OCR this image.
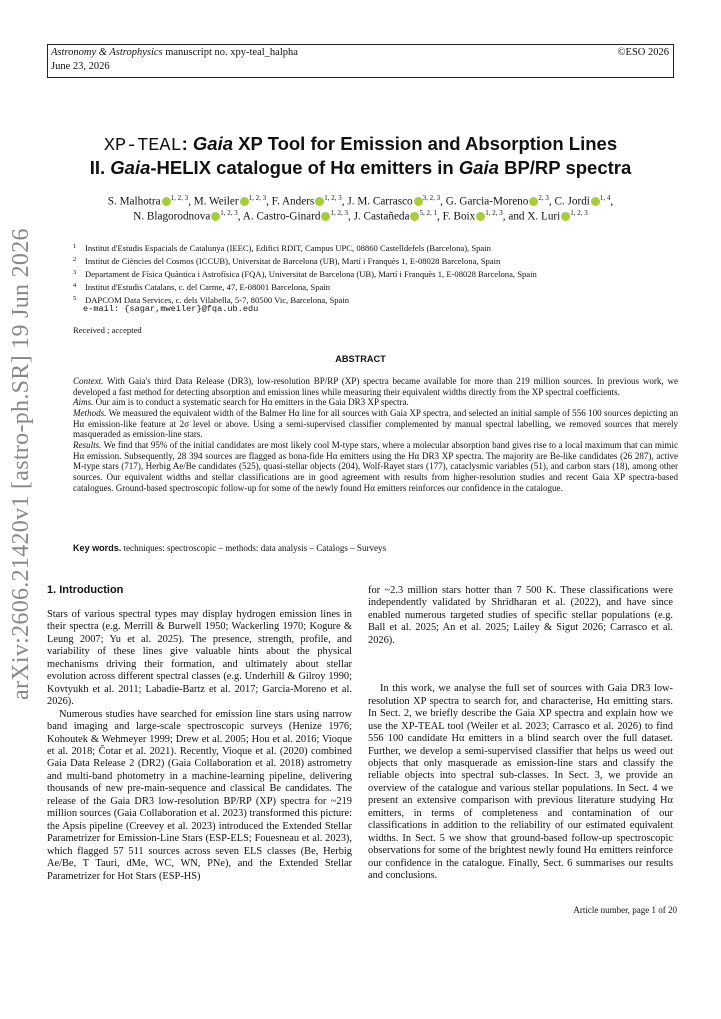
Astronomy & Astrophysics manuscript no. xpy-teal_halpha
June 23, 2026
©ESO 2026
arXiv:2606.21420v1 [astro-ph.SR] 19 Jun 2026
XP-TEAL: Gaia XP Tool for Emission and Absorption Lines
II. Gaia-HELIX catalogue of Hα emitters in Gaia BP/RP spectra
S. Malhotra $^{1, 2, 3}$, M. Weiler $^{1, 2, 3}$, F. Anders $^{1, 2, 3}$, J. M. Carrasco $^{3, 2, 3}$, G. Garcia-Moreno $^{2, 3}$, C. Jordi $^{1, 4}$,
N. Blagorodnova $^{1, 2, 3}$, A. Castro-Ginard $^{1, 2, 3}$, J. Castañeda $^{5, 2, 1}$, F. Boix $^{1, 2, 3}$, and X. Luri $^{1, 2, 3}$
1 Institut d'Estudis Espacials de Catalunya (IEEC), Edifici RDIT, Campus UPC, 08860 Castelldefels (Barcelona), Spain
2 Institut de Ciències del Cosmos (ICCUB), Universitat de Barcelona (UB), Martí i Franquès 1, E-08028 Barcelona, Spain
3 Departament de Física Quàntica i Astrofísica (FQA), Universitat de Barcelona (UB), Martí i Franquès 1, E-08028 Barcelona, Spain
4 Institut d'Estudis Catalans, c. del Carme, 47, E-08001 Barcelona, Spain
5 DAPCOM Data Services, c. dels Vilabella, 5-7, 80500 Vic, Barcelona, Spain
e-mail: {sagar,mweiler}@fqa.ub.edu
Received ; accepted
ABSTRACT

Context. With Gaia's third Data Release (DR3), low-resolution BP/RP (XP) spectra became available for more than 219 million sources. In previous work, we developed a fast method for detecting absorption and emission lines while measuring their equivalent widths directly from the XP spectral coefficients.

Aims. Our aim is to conduct a systematic search for Hα emitters in the Gaia DR3 XP spectra.

Methods. We measured the equivalent width of the Balmer Hα line for all sources with Gaia XP spectra, and selected an initial sample of 556 100 sources depicting an Hα emission-like feature at 2σ level or above. Using a semi-supervised classifier complemented by manual spectral labelling, we removed sources that merely masqueraded as emission-line stars.

Results. We find that 95% of the initial candidates are most likely cool M-type stars, where a molecular absorption band gives rise to a local maximum that can mimic Hα emission. Subsequently, 28 394 sources are flagged as bona-fide Hα emitters using the Hα DR3 XP spectra. The majority are Be-like candidates (26 287), active M-type stars (717), Herbig Ae/Be candidates (525), quasi-stellar objects (204), Wolf-Rayet stars (177), cataclysmic variables (51), and carbon stars (18), among other sources. Our equivalent widths and stellar classifications are in good agreement with results from higher-resolution studies and recent Gaia XP spectra-based catalogues. Ground-based spectroscopic follow-up for some of the newly found Hα emitters reinforces our confidence in the catalogue.

Key words. techniques: spectroscopic – methods: data analysis – Catalogs – Surveys
1. Introduction

Stars of various spectral types may display hydrogen emission lines in their spectra (e.g. Merrill & Burwell 1950; Wackerling 1970; Kogure & Leung 2007; Yu et al. 2025). The presence, strength, profile, and variability of these lines give valuable hints about the physical mechanisms driving their formation, and ultimately about stellar evolution across different spectral classes (e.g. Underhill & Gilroy 1990; Kovtyukh et al. 2011; Labadie-Bartz et al. 2017; Garcia-Moreno et al. 2026).

Numerous studies have searched for emission line stars using narrow band imaging and large-scale spectroscopic surveys (Henize 1976; Kohoutek & Wehmeyer 1999; Drew et al. 2005; Hou et al. 2016; Vioque et al. 2018; Čotar et al. 2021). Recently, Vioque et al. (2020) combined Gaia Data Release 2 (DR2) (Gaia Collaboration et al. 2018) astrometry and multi-band photometry in a machine-learning pipeline, delivering thousands of new pre-main-sequence and classical Be candidates. The release of the Gaia DR3 low-resolution BP/RP (XP) spectra for ~219 million sources (Gaia Collaboration et al. 2023) transformed this picture: the Apsis pipeline (Creevey et al. 2023) introduced the Extended Stellar Parametrizer for Emission-Line Stars (ESP-ELS; Fouesneau et al. 2023), which flagged 57 511 sources across seven ELS classes (Be, Herbig Ae/Be, T Tauri, dMe, WC, WN, PNe), and the Extended Stellar Parametrizer for Hot Stars (ESP-HS)

for ~2.3 million stars hotter than 7 500 K. These classifications were independently validated by Shridharan et al. (2022), and have since enabled numerous targeted studies of specific stellar populations (e.g. Ball et al. 2025; An et al. 2025; Lailey & Sigut 2026; Carrasco et al. 2026).

In this work, we analyse the full set of sources with Gaia DR3 low-resolution XP spectra to search for, and characterise, Hα emitting stars. In Sect. 2, we briefly describe the Gaia XP spectra and explain how we use the XP-TEAL tool (Weiler et al. 2023; Carrasco et al. 2026) to find 556 100 candidate Hα emitters in a blind search over the full dataset. Further, we develop a semi-supervised classifier that helps us weed out objects that only masquerade as emission-line stars and classify the reliable objects into spectral sub-classes. In Sect. 3, we provide an overview of the catalogue and various stellar populations. In Sect. 4 we present an extensive comparison with previous literature studying Hα emitters, in terms of completeness and contamination of our classifications in addition to the reliability of our estimated equivalent widths. In Sect. 5 we show that ground-based follow-up spectroscopic observations for some of the brightest newly found Hα emitters reinforce our confidence in the catalogue. Finally, Sect. 6 summarises our results and conclusions.

Article number, page 1 of 20
